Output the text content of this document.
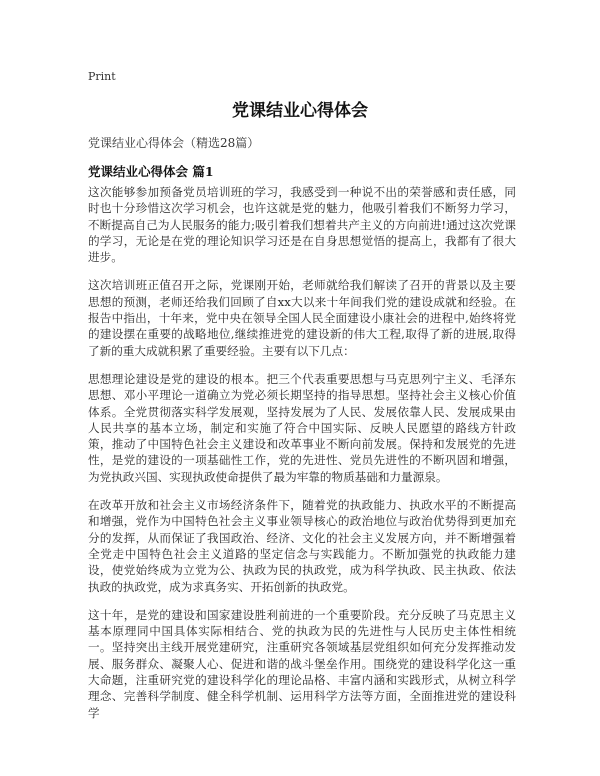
Print
党课结业心得体会

党课结业心得体会（精选28篇）

党课结业心得体会 篇1

这次能够参加预备党员培训班的学习，我感受到一种说不出的荣誉感和责任感，同时也十分珍惜这次学习机会，也许这就是党的魅力，他吸引着我们不断努力学习，不断提高自己为人民服务的能力;吸引着我们想着共产主义的方向前进!通过这次党课的学习，无论是在党的理论知识学习还是在自身思想觉悟的提高上，我都有了很大进步。

这次培训班正值召开之际，党课刚开始，老师就给我们解读了召开的背景以及主要思想的预测，老师还给我们回顾了自xx大以来十年间我们党的建设成就和经验。在报告中指出，十年来，党中央在领导全国人民全面建设小康社会的进程中,始终将党的建设摆在重要的战略地位,继续推进党的建设新的伟大工程,取得了新的进展,取得了新的重大成就积累了重要经验。主要有以下几点：

思想理论建设是党的建设的根本。把三个代表重要思想与马克思列宁主义、毛泽东思想、邓小平理论一道确立为党必须长期坚持的指导思想。坚持社会主义核心价值体系。全党贯彻落实科学发展观，坚持发展为了人民、发展依靠人民、发展成果由人民共享的基本立场，制定和实施了符合中国实际、反映人民愿望的路线方针政策，推动了中国特色社会主义建设和改革事业不断向前发展。保持和发展党的先进性，是党的建设的一项基础性工作，党的先进性、党员先进性的不断巩固和增强，为党执政兴国、实现执政使命提供了最为牢靠的物质基础和力量源泉。

在改革开放和社会主义市场经济条件下，随着党的执政能力、执政水平的不断提高和增强，党作为中国特色社会主义事业领导核心的政治地位与政治优势得到更加充分的发挥，从而保证了我国政治、经济、文化的社会主义发展方向，并不断增强着全党走中国特色社会主义道路的坚定信念与实践能力。不断加强党的执政能力建设，使党始终成为立党为公、执政为民的执政党，成为科学执政、民主执政、依法执政的执政党，成为求真务实、开拓创新的执政党。

这十年，是党的建设和国家建设胜利前进的一个重要阶段。充分反映了马克思主义基本原理同中国具体实际相结合、党的执政为民的先进性与人民历史主体性相统一。坚持突出主线开展党建研究，注重研究各领域基层党组织如何充分发挥推动发展、服务群众、凝聚人心、促进和谐的战斗堡垒作用。围绕党的建设科学化这一重大命题，注重研究党的建设科学化的理论品格、丰富内涵和实践形式，从树立科学理念、完善科学制度、健全科学机制、运用科学方法等方面，全面推进党的建设科学
